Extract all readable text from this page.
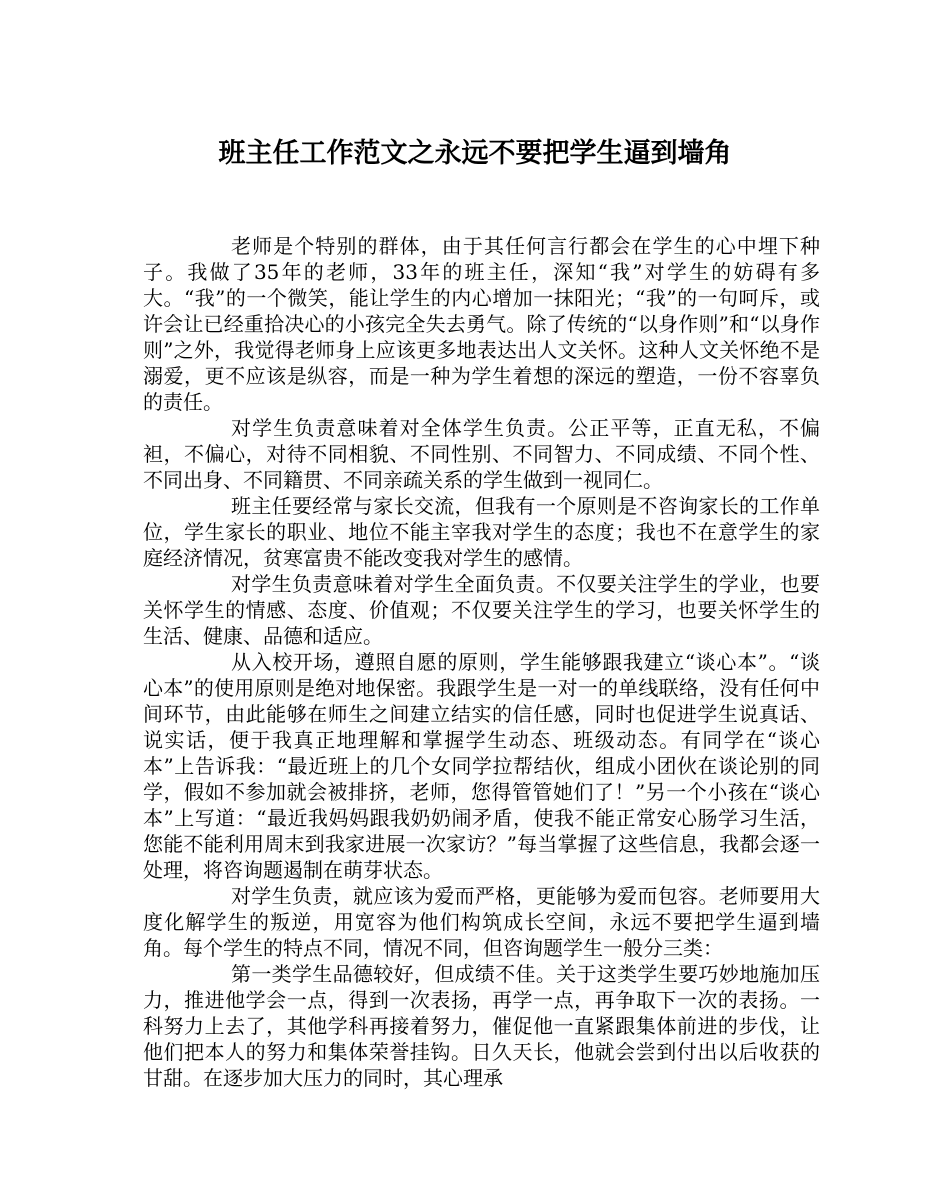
班主任工作范文之永远不要把学生逼到墙角

老师是个特别的群体，由于其任何言行都会在学生的心中埋下种子。我做了35年的老师，33年的班主任，深知“我”对学生的妨碍有多大。“我”的一个微笑，能让学生的内心增加一抹阳光；“我”的一句呵斥，或许会让已经重拾决心的小孩完全失去勇气。除了传统的“以身作则”和“以身作则”之外，我觉得老师身上应该更多地表达出人文关怀。这种人文关怀绝不是溺爱，更不应该是纵容，而是一种为学生着想的深远的塑造，一份不容辜负的责任。

对学生负责意味着对全体学生负责。公正平等，正直无私，不偏袒，不偏心，对待不同相貌、不同性别、不同智力、不同成绩、不同个性、不同出身、不同籍贯、不同亲疏关系的学生做到一视同仁。

班主任要经常与家长交流，但我有一个原则是不咨询家长的工作单位，学生家长的职业、地位不能主宰我对学生的态度；我也不在意学生的家庭经济情况，贫寒富贵不能改变我对学生的感情。

对学生负责意味着对学生全面负责。不仅要关注学生的学业，也要关怀学生的情感、态度、价值观；不仅要关注学生的学习，也要关怀学生的生活、健康、品德和适应。

从入校开场，遵照自愿的原则，学生能够跟我建立“谈心本”。“谈心本”的使用原则是绝对地保密。我跟学生是一对一的单线联络，没有任何中间环节，由此能够在师生之间建立结实的信任感，同时也促进学生说真话、说实话，便于我真正地理解和掌握学生动态、班级动态。有同学在“谈心本”上告诉我：“最近班上的几个女同学拉帮结伙，组成小团伙在谈论别的同学，假如不参加就会被排挤，老师，您得管管她们了！”另一个小孩在“谈心本”上写道：“最近我妈妈跟我奶奶闹矛盾，使我不能正常安心肠学习生活，您能不能利用周末到我家进展一次家访？”每当掌握了这些信息，我都会逐一处理，将咨询题遏制在萌芽状态。

对学生负责，就应该为爱而严格，更能够为爱而包容。老师要用大度化解学生的叛逆，用宽容为他们构筑成长空间，永远不要把学生逼到墙角。每个学生的特点不同，情况不同，但咨询题学生一般分三类：

第一类学生品德较好，但成绩不佳。关于这类学生要巧妙地施加压力，推进他学会一点，得到一次表扬，再学一点，再争取下一次的表扬。一科努力上去了，其他学科再接着努力，催促他一直紧跟集体前进的步伐，让他们把本人的努力和集体荣誉挂钩。日久天长，他就会尝到付出以后收获的甘甜。在逐步加大压力的同时，其心理承
